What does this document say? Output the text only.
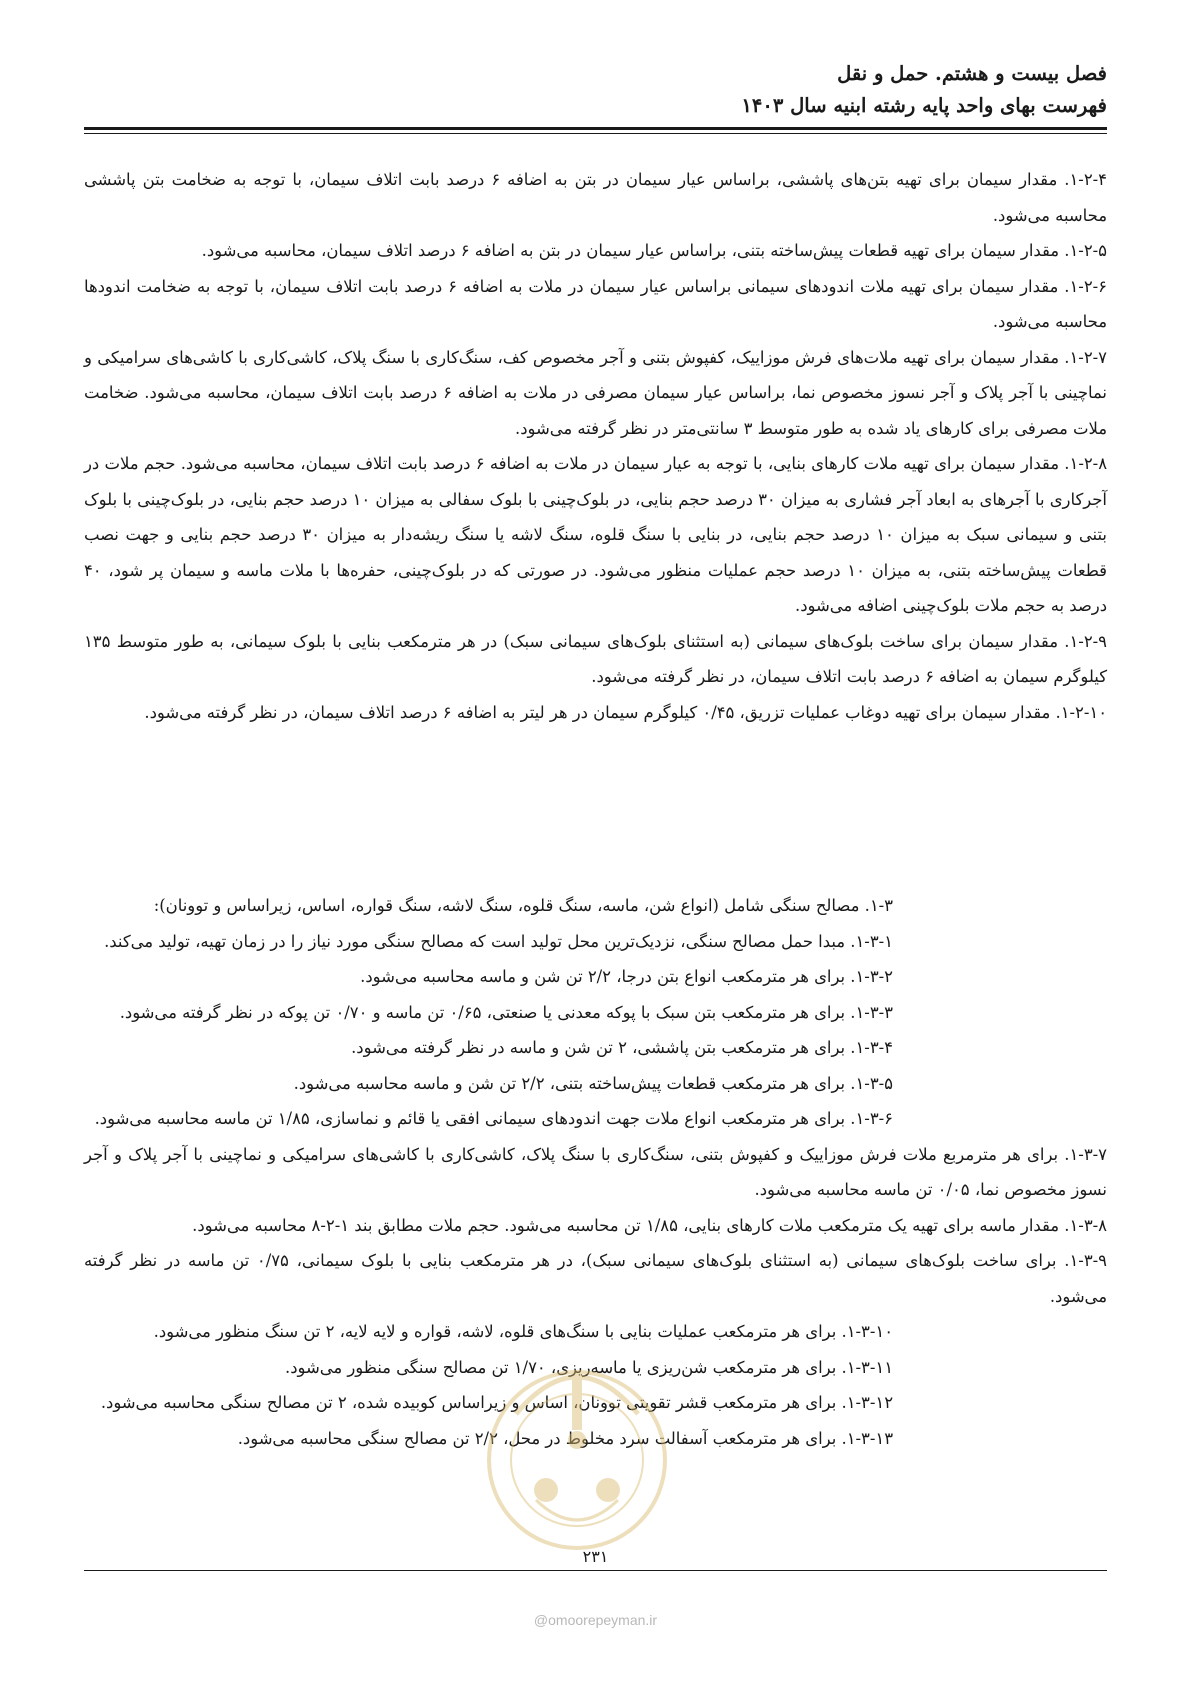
فصل بیست و هشتم. حمل و نقل
فهرست بهای واحد پایه رشته ابنیه سال ۱۴۰۳

۱-۲-۴. مقدار سیمان برای تهیه بتن‌های پاششی، براساس عیار سیمان در بتن به اضافه ۶ درصد بابت اتلاف سیمان، با توجه به ضخامت بتن پاششی محاسبه می‌شود.

۱-۲-۵. مقدار سیمان برای تهیه قطعات پیش‌ساخته بتنی، براساس عیار سیمان در بتن به اضافه ۶ درصد اتلاف سیمان، محاسبه می‌شود.

۱-۲-۶. مقدار سیمان برای تهیه ملات اندودهای سیمانی براساس عیار سیمان در ملات به اضافه ۶ درصد بابت اتلاف سیمان، با توجه به ضخامت اندودها محاسبه می‌شود.

۱-۲-۷. مقدار سیمان برای تهیه ملات‌های فرش موزاییک، کفپوش بتنی و آجر مخصوص کف، سنگ‌کاری با سنگ پلاک، کاشی‌کاری با کاشی‌های سرامیکی و نماچینی با آجر پلاک و آجر نسوز مخصوص نما، براساس عیار سیمان مصرفی در ملات به اضافه ۶ درصد بابت اتلاف سیمان، محاسبه می‌شود. ضخامت ملات مصرفی برای کارهای یاد شده به طور متوسط ۳ سانتی‌متر در نظر گرفته می‌شود.

۱-۲-۸. مقدار سیمان برای تهیه ملات کارهای بنایی، با توجه به عیار سیمان در ملات به اضافه ۶ درصد بابت اتلاف سیمان، محاسبه می‌شود. حجم ملات در آجرکاری با آجرهای به ابعاد آجر فشاری به میزان ۳۰ درصد حجم بنایی، در بلوک‌چینی با بلوک سفالی به میزان ۱۰ درصد حجم بنایی، در بلوک‌چینی با بلوک بتنی و سیمانی سبک به میزان ۱۰ درصد حجم بنایی، در بنایی با سنگ قلوه، سنگ لاشه یا سنگ ریشه‌دار به میزان ۳۰ درصد حجم بنایی و جهت نصب قطعات پیش‌ساخته بتنی، به میزان ۱۰ درصد حجم عملیات منظور می‌شود. در صورتی که در بلوک‌چینی، حفره‌ها با ملات ماسه و سیمان پر شود، ۴۰ درصد به حجم ملات بلوک‌چینی اضافه می‌شود.

۱-۲-۹. مقدار سیمان برای ساخت بلوک‌های سیمانی (به استثنای بلوک‌های سیمانی سبک) در هر مترمکعب بنایی با بلوک سیمانی، به طور متوسط ۱۳۵ کیلوگرم سیمان به اضافه ۶ درصد بابت اتلاف سیمان، در نظر گرفته می‌شود.

۱-۲-۱۰. مقدار سیمان برای تهیه دوغاب عملیات تزریق، ۰/۴۵ کیلوگرم سیمان در هر لیتر به اضافه ۶ درصد اتلاف سیمان، در نظر گرفته می‌شود.

۱-۳. مصالح سنگی شامل (انواع شن، ماسه، سنگ قلوه، سنگ لاشه، سنگ قواره، اساس، زیراساس و توونان):

۱-۳-۱. مبدا حمل مصالح سنگی، نزدیک‌ترین محل تولید است که مصالح سنگی مورد نیاز را در زمان تهیه، تولید می‌کند.

۱-۳-۲. برای هر مترمکعب انواع بتن درجا، ۲/۲ تن شن و ماسه محاسبه می‌شود.

۱-۳-۳. برای هر مترمکعب بتن سبک با پوکه معدنی یا صنعتی، ۰/۶۵ تن ماسه و ۰/۷۰ تن پوکه در نظر گرفته می‌شود.

۱-۳-۴. برای هر مترمکعب بتن پاششی، ۲ تن شن و ماسه در نظر گرفته می‌شود.

۱-۳-۵. برای هر مترمکعب قطعات پیش‌ساخته بتنی، ۲/۲ تن شن و ماسه محاسبه می‌شود.

۱-۳-۶. برای هر مترمکعب انواع ملات جهت اندودهای سیمانی افقی یا قائم و نماسازی، ۱/۸۵ تن ماسه محاسبه می‌شود.

۱-۳-۷. برای هر مترمربع ملات فرش موزاییک و کفپوش بتنی، سنگ‌کاری با سنگ پلاک، کاشی‌کاری با کاشی‌های سرامیکی و نماچینی با آجر پلاک و آجر نسوز مخصوص نما، ۰/۰۵ تن ماسه محاسبه می‌شود.

۱-۳-۸. مقدار ماسه برای تهیه یک مترمکعب ملات کارهای بنایی، ۱/۸۵ تن محاسبه می‌شود. حجم ملات مطابق بند ۱-۲-۸ محاسبه می‌شود.

۱-۳-۹. برای ساخت بلوک‌های سیمانی (به استثنای بلوک‌های سیمانی سبک)، در هر مترمکعب بنایی با بلوک سیمانی، ۰/۷۵ تن ماسه در نظر گرفته می‌شود.

۱-۳-۱۰. برای هر مترمکعب عملیات بنایی با سنگ‌های قلوه، لاشه، قواره و لایه لایه، ۲ تن سنگ منظور می‌شود.

۱-۳-۱۱. برای هر مترمکعب شن‌ریزی یا ماسه‌ریزی، ۱/۷۰ تن مصالح سنگی منظور می‌شود.

۱-۳-۱۲. برای هر مترمکعب قشر تقویتی توونان، اساس و زیراساس کوبیده شده، ۲ تن مصالح سنگی محاسبه می‌شود.

۱-۳-۱۳. برای هر مترمکعب آسفالت سرد مخلوط در محل، ۲/۲ تن مصالح سنگی محاسبه می‌شود.

۲۳۱
@omoorepeyman.ir
